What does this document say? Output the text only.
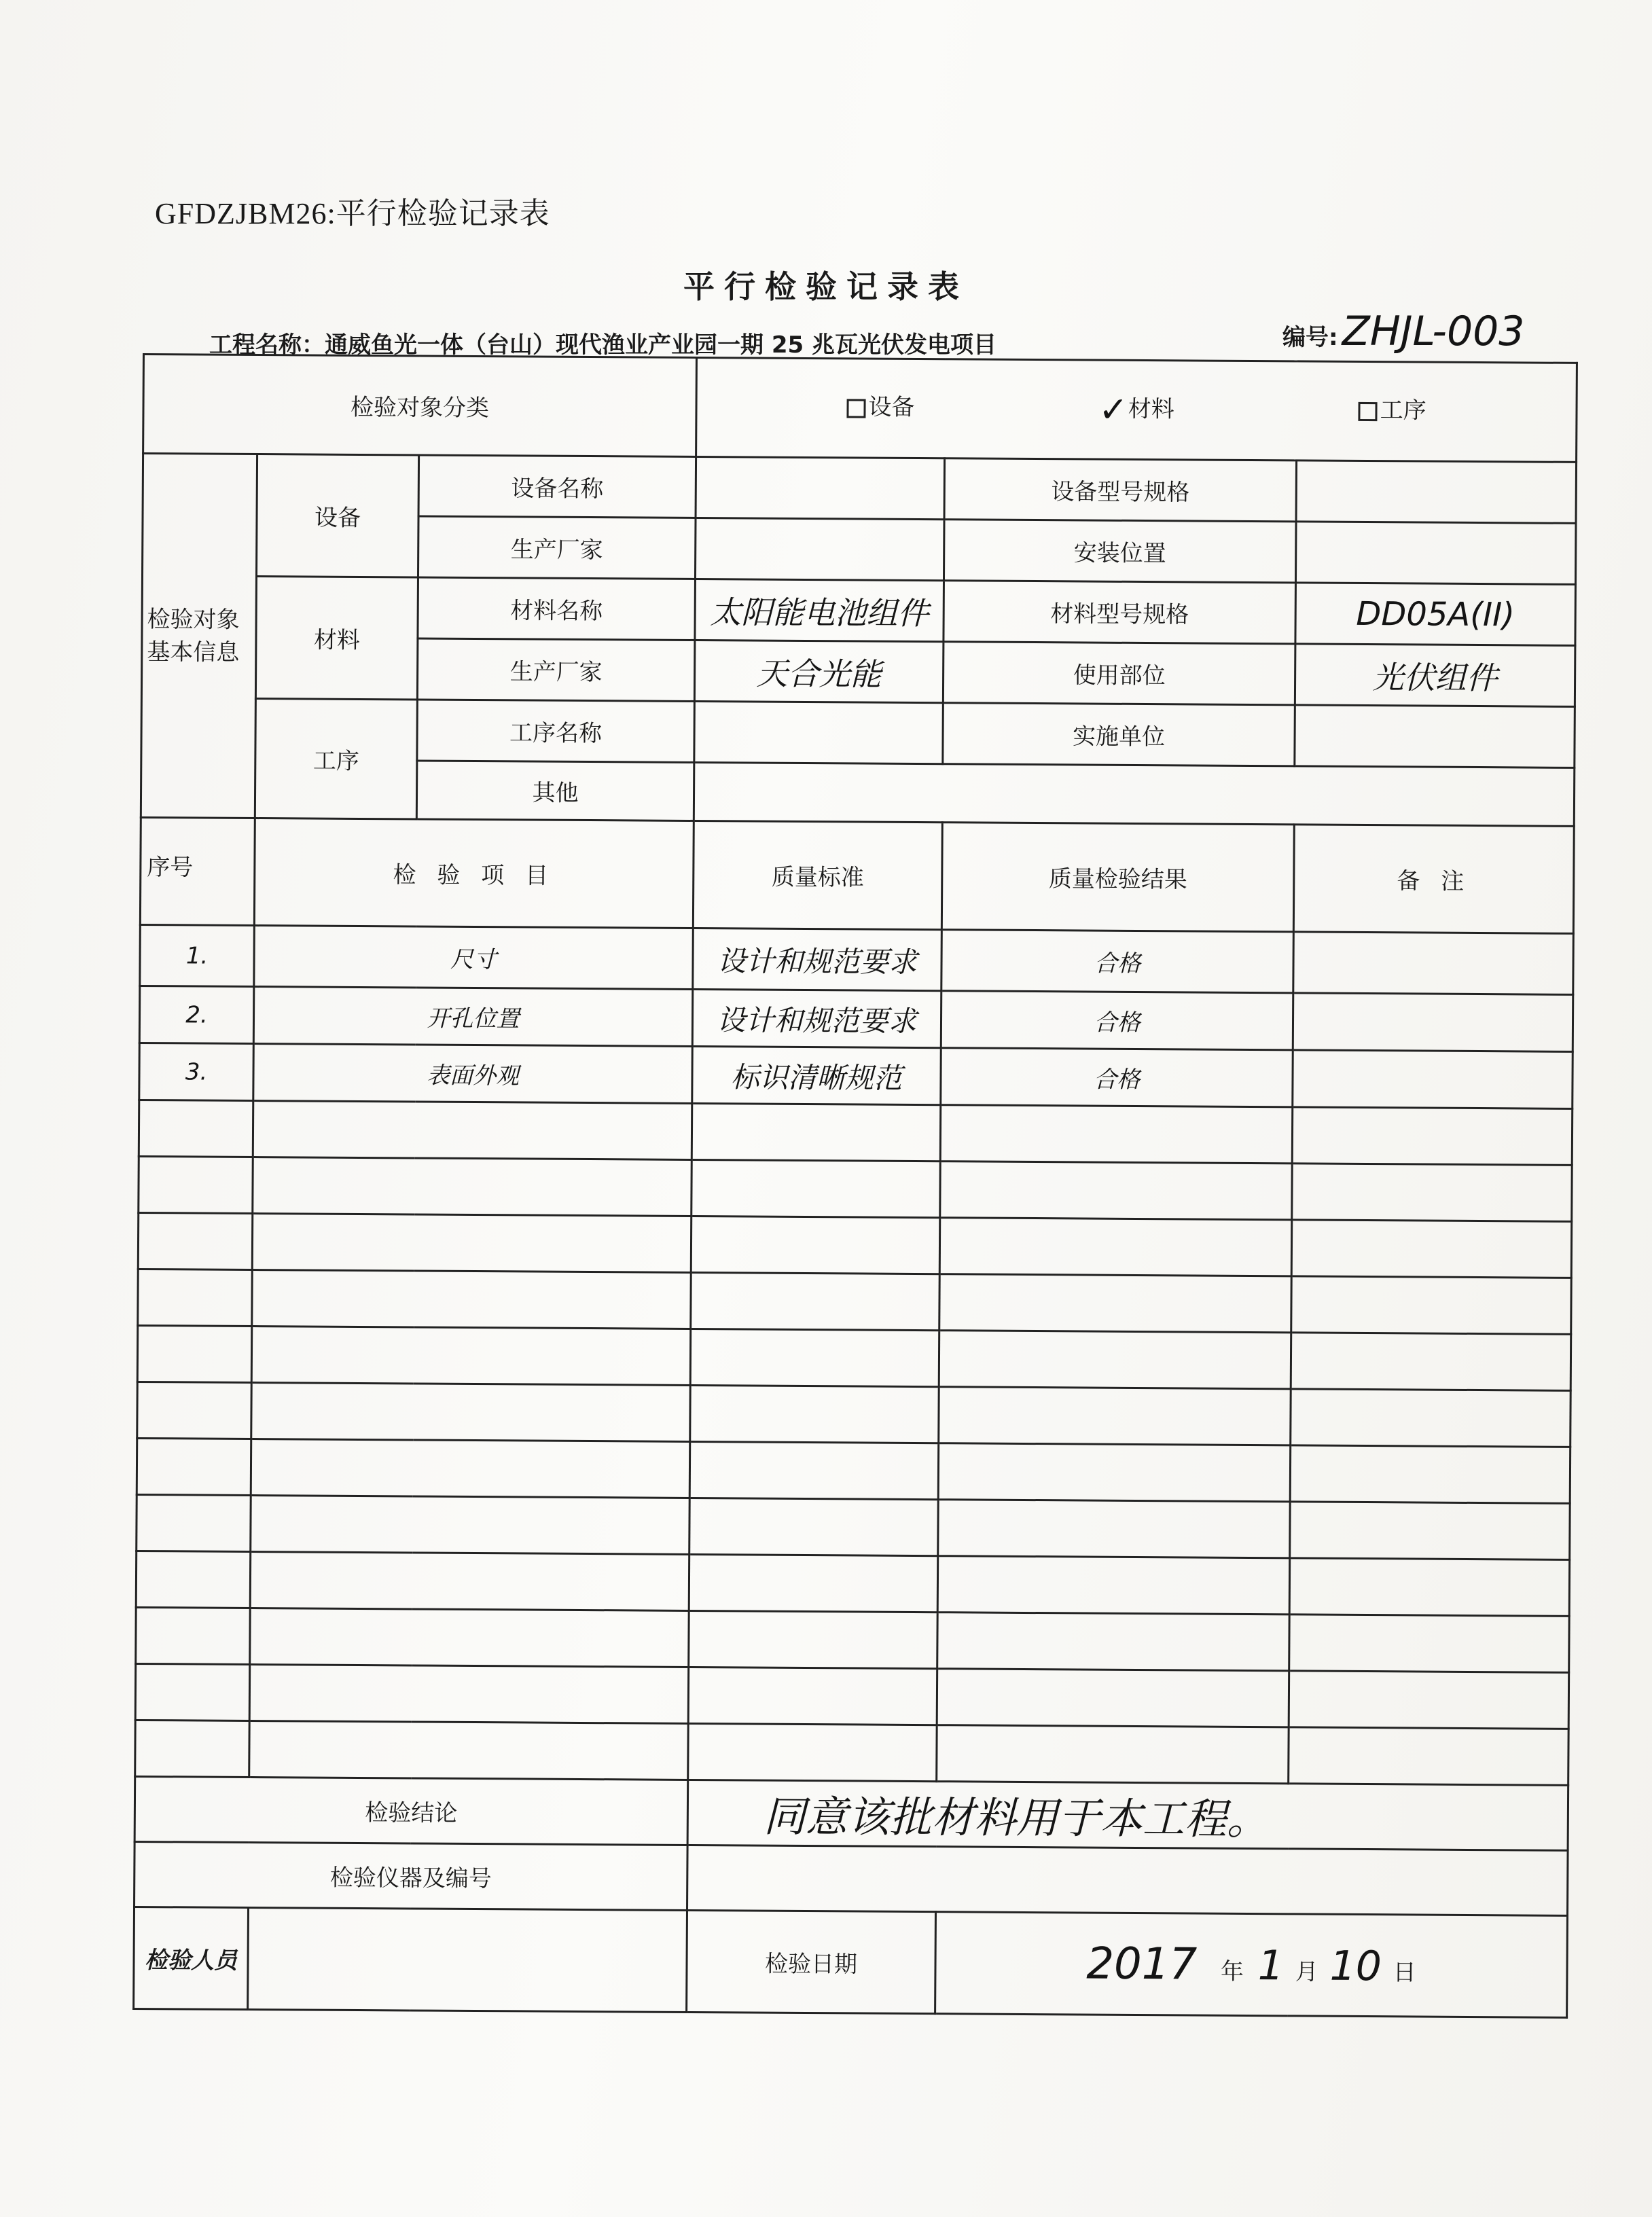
GFDZJBM26:平行检验记录表
平行检验记录表
工程名称：通威鱼光一体（台山）现代渔业产业园一期 25 兆瓦光伏发电项目	编号: ZHJL-003
检验对象分类			设备 ✓材料 工序		
检验对象基本信息	设备	设备名称		设备型号规格	
		生产厂家		安装位置	
	材料	材料名称	太阳能电池组件	材料型号规格	DD05A(II)
		生产厂家	天合光能	使用部位	光伏组件
	工序	工序名称		实施单位	
		其他			
序号	检 验 项 目		质量标准	质量检验结果	备 注
1.	尺寸		设计和规范要求	合格	
2.	开孔位置		设计和规范要求	合格	
3.	表面外观		标识清晰规范	合格	

检验结论			同意该批材料用于本工程。		
检验仪器及编号					
检验人员			检验日期	2017 年 1 月 10 日	
